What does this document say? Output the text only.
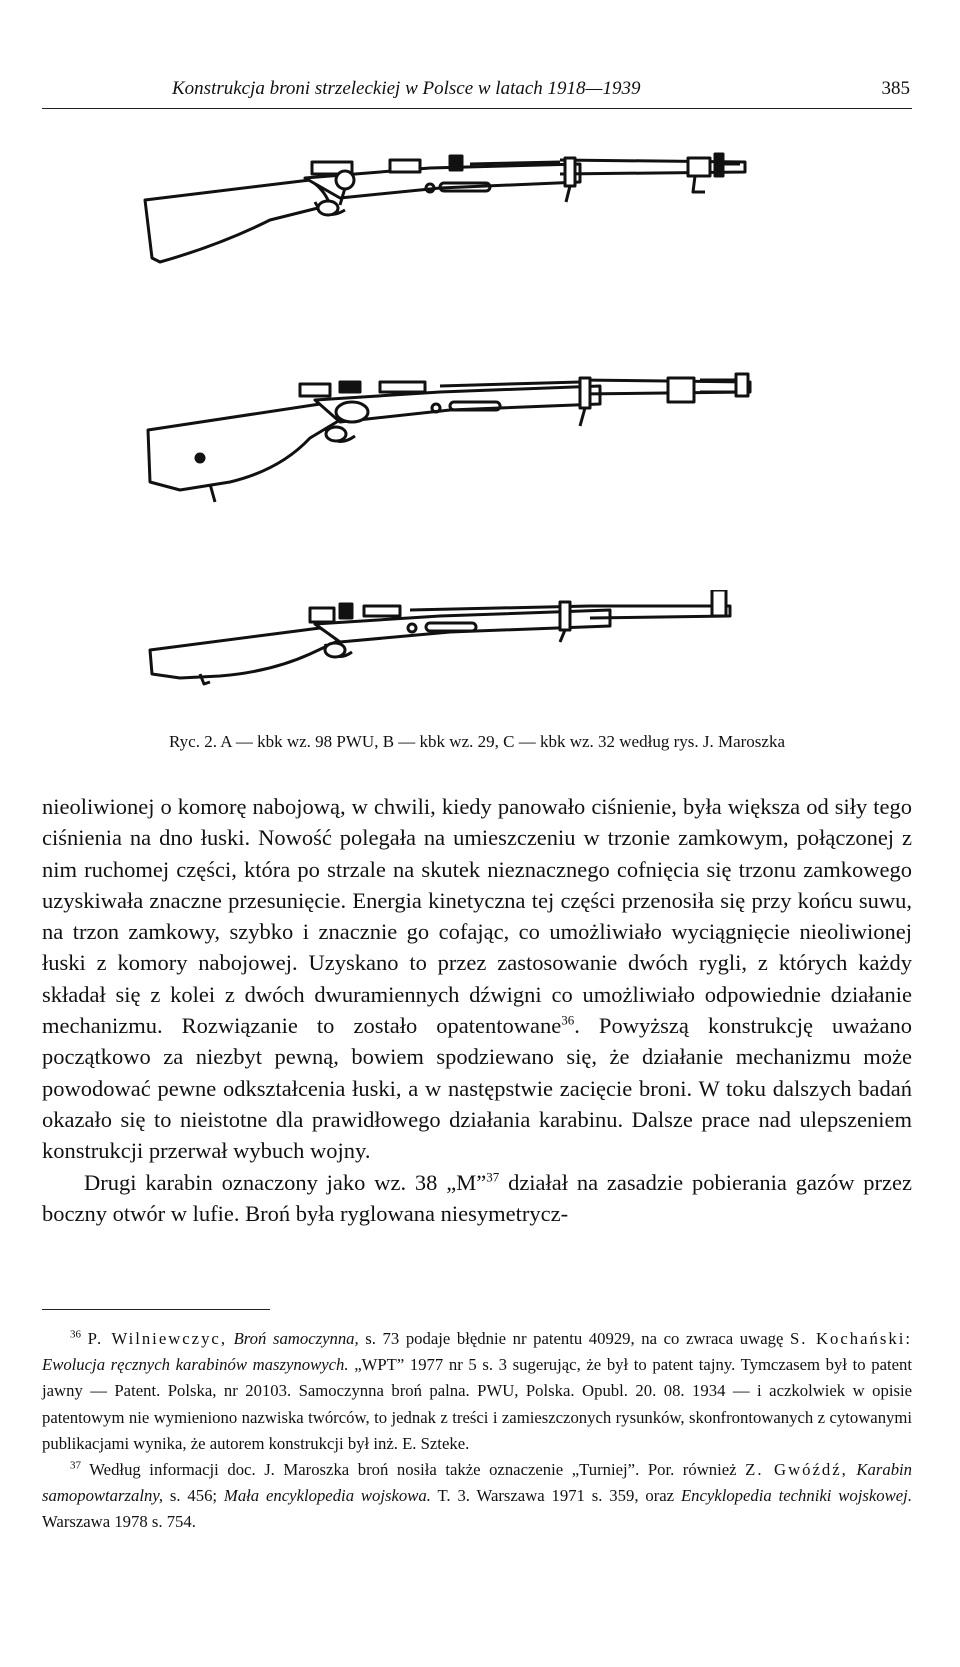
Konstrukcja broni strzeleckiej w Polsce w latach 1918—1939	385
Ryc. 2. A — kbk wz. 98 PWU, B — kbk wz. 29, C — kbk wz. 32 według rys. J. Maroszka

nieoliwionej o komorę nabojową, w chwili, kiedy panowało ciśnienie, była większa od siły tego ciśnienia na dno łuski. Nowość polegała na umieszczeniu w trzonie zamkowym, połączonej z nim ruchomej części, która po strzale na skutek nieznacznego cofnięcia się trzonu zamkowego uzyskiwała znaczne przesunięcie. Energia kinetyczna tej części przenosiła się przy końcu suwu, na trzon zamkowy, szybko i znacznie go cofając, co umożliwiało wyciągnięcie nieoliwionej łuski z komory nabojowej. Uzyskano to przez zastosowanie dwóch rygli, z których każdy składał się z kolei z dwóch dwuramiennych dźwigni co umożliwiało odpowiednie działanie mechanizmu. Rozwiązanie to zostało opatentowane$^{36}$. Powyższą konstrukcję uważano początkowo za niezbyt pewną, bowiem spodziewano się, że działanie mechanizmu może powodować pewne odkształcenia łuski, a w następstwie zacięcie broni. W toku dalszych badań okazało się to nieistotne dla prawidłowego działania karabinu. Dalsze prace nad ulepszeniem konstrukcji przerwał wybuch wojny.

Drugi karabin oznaczony jako wz. 38 „M”$^{37}$ działał na zasadzie pobierania gazów przez boczny otwór w lufie. Broń była ryglowana niesymetrycz-

$^{36}$ P. Wilniewczyc, Broń samoczynna, s. 73 podaje błędnie nr patentu 40929, na co zwraca uwagę S. Kochański: Ewolucja ręcznych karabinów maszynowych. „WPT” 1977 nr 5 s. 3 sugerując, że był to patent tajny. Tymczasem był to patent jawny — Patent. Polska, nr 20103. Samoczynna broń palna. PWU, Polska. Opubl. 20. 08. 1934 — i aczkolwiek w opisie patentowym nie wymieniono nazwiska twórców, to jednak z treści i zamieszczonych rysunków, skonfrontowanych z cytowanymi publikacjami wynika, że autorem konstrukcji był inż. E. Szteke.

$^{37}$ Według informacji doc. J. Maroszka broń nosiła także oznaczenie „Turniej”. Por. również Z. Gwóźdź, Karabin samopowtarzalny, s. 456; Mała encyklopedia wojskowa. T. 3. Warszawa 1971 s. 359, oraz Encyklopedia techniki wojskowej. Warszawa 1978 s. 754.
